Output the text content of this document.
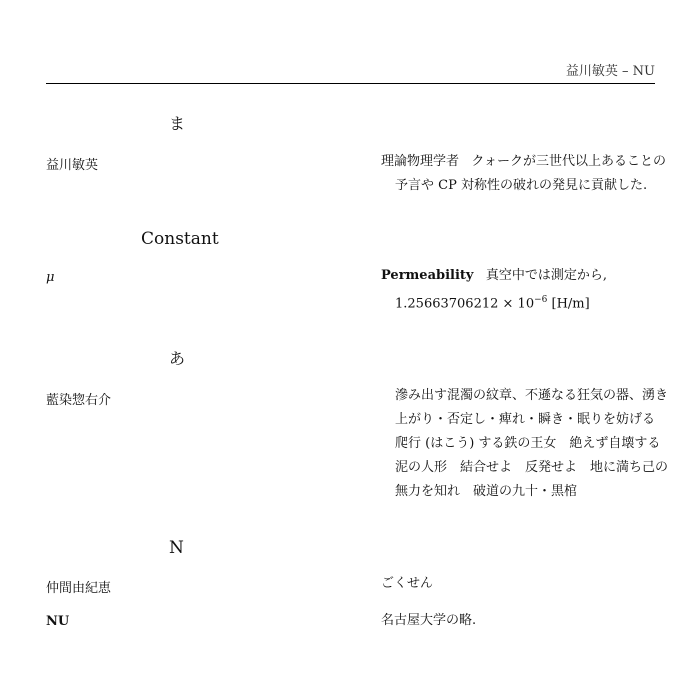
益川敏英 – NU
ま
益川敏英	理論物理学者 クォークが三世代以上あることの
予言や CP 対称性の破れの発見に貢献した.
Constant
μ	Permeability 真空中では測定から,
$1.25663706212 \times 10^{-6}$ [H/m]
あ
藍染惣右介	滲み出す混濁の紋章、不遜なる狂気の器、湧き
上がり・否定し・痺れ・瞬き・眠りを妨げる
爬行 (はこう) する鉄の王女　絶えず自壊する
泥の人形　結合せよ　反発せよ　地に満ち己の
無力を知れ　破道の九十・黒棺
N
仲間由紀恵	ごくせん
NU	名古屋大学の略.
